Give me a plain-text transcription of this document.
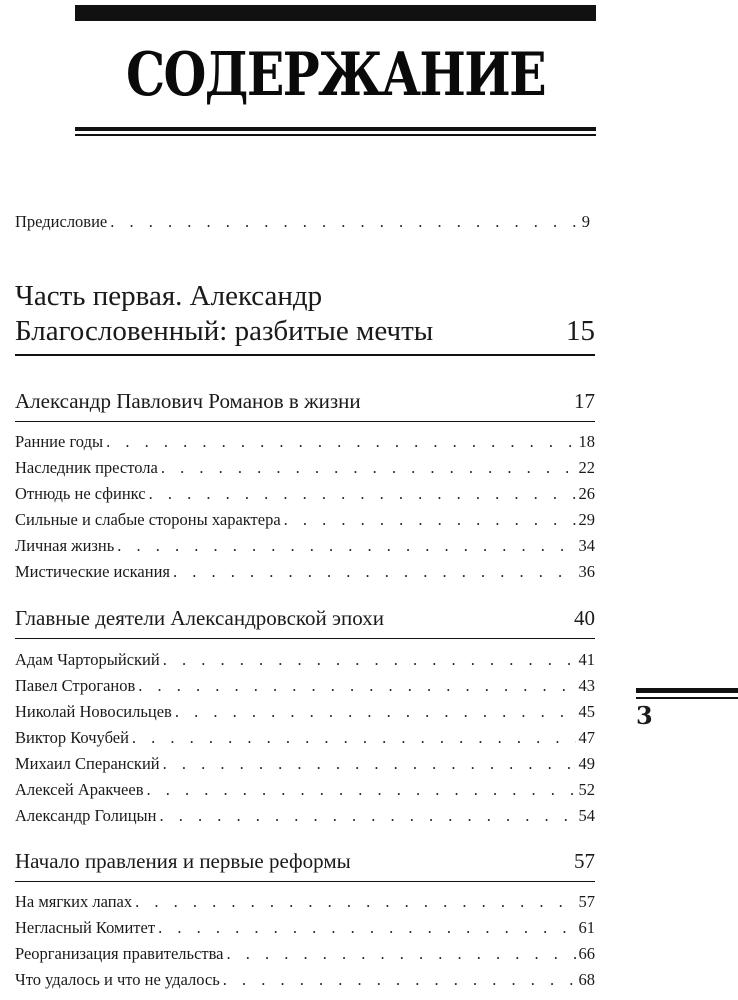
СОДЕРЖАНИЕ
Предисловие . . .	9
Часть первая. Александр
Благословенный: разбитые мечты	15
Александр Павлович Романов в жизни	17
Ранние годы . . .	18
Наследник престола . . .	22
Отнюдь не сфинкс . . .	26
Сильные и слабые стороны характера . . .	29
Личная жизнь . . .	34
Мистические искания . . .	36
Главные деятели Александровской эпохи	40
Адам Чарторыйский . . .	41
Павел Строганов . . .	43
Николай Новосильцев . . .	45
Виктор Кочубей . . .	47
Михаил Сперанский . . .	49
Алексей Аракчеев . . .	52
Александр Голицын . . .	54
Начало правления и первые реформы	57
На мягких лапах . . .	57
Негласный Комитет . . .	61
Реорганизация правительства . . .	66
Что удалось и что не удалось . . .	68
3
